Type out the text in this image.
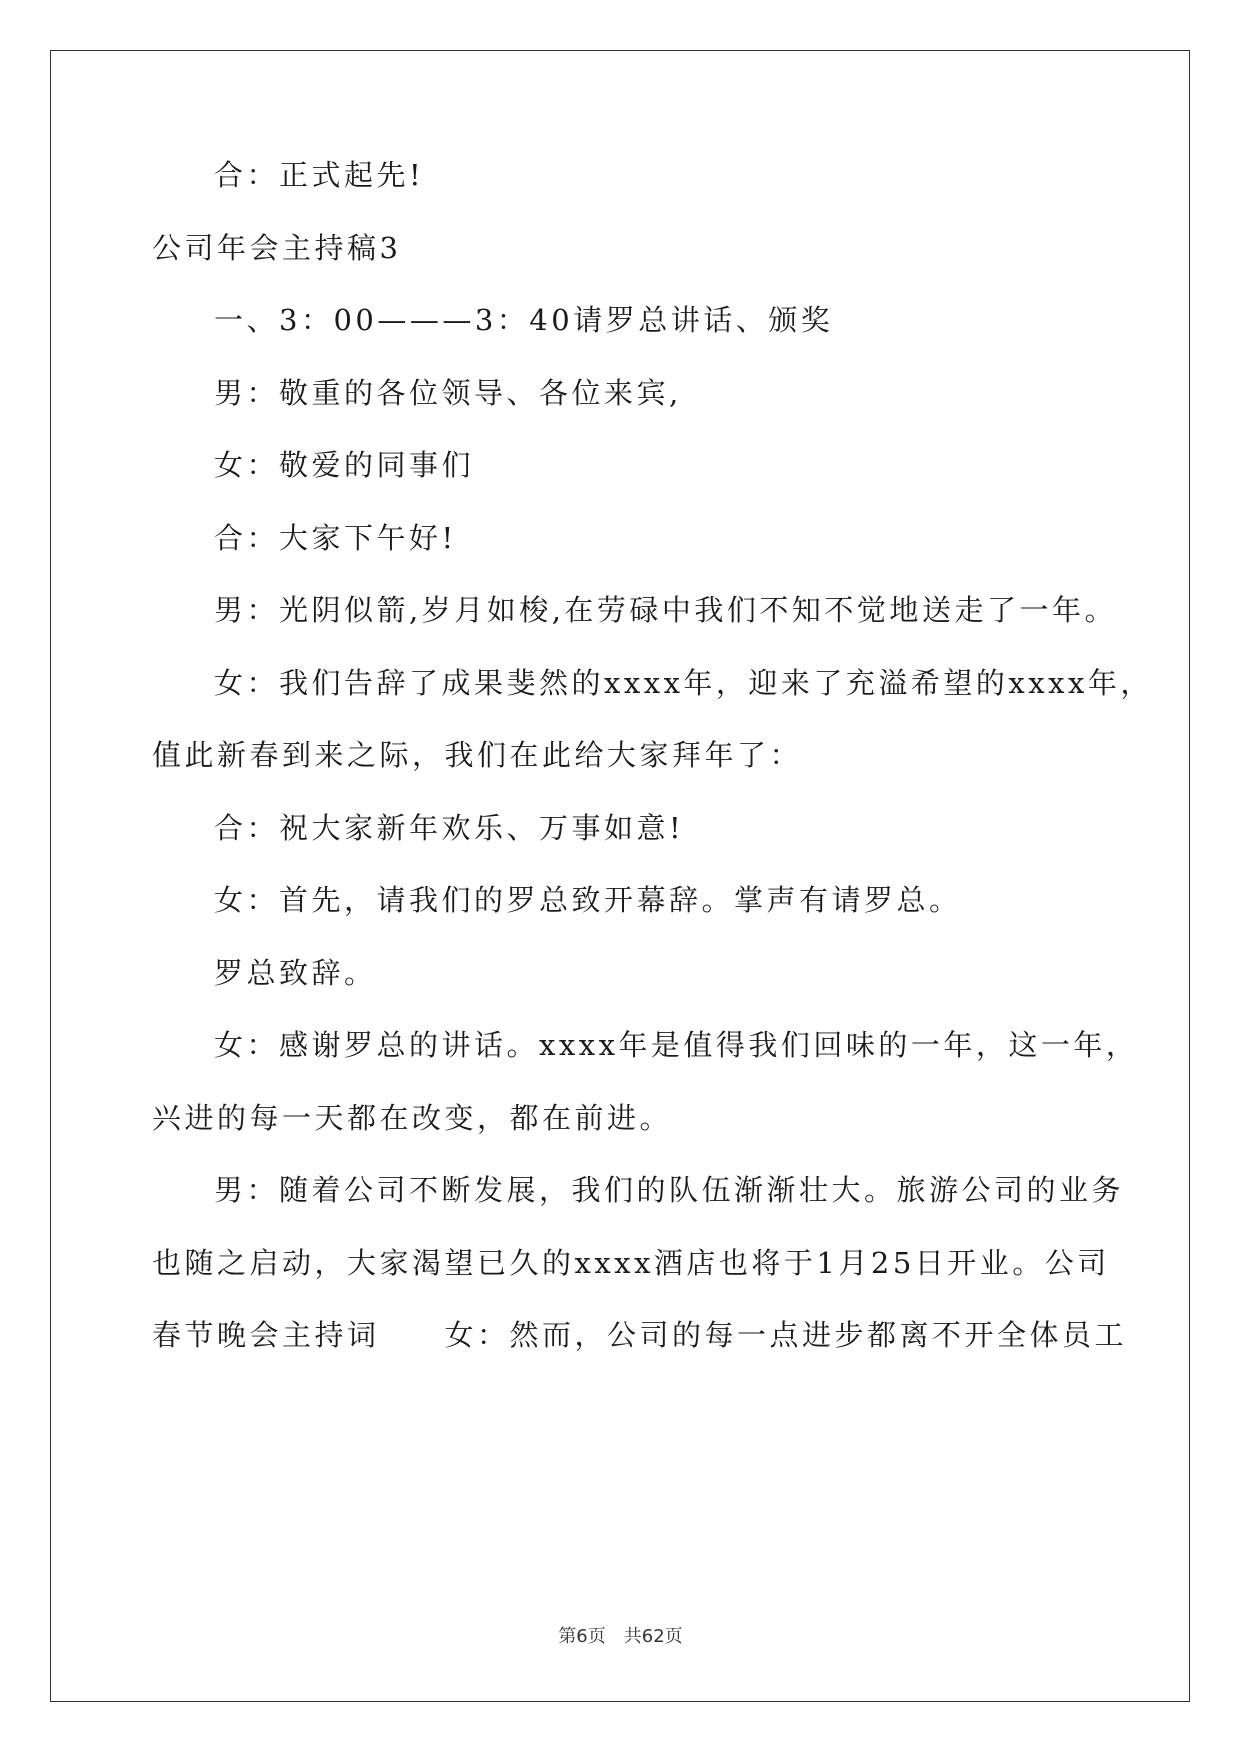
合：正式起先!
公司年会主持稿3
一、3：00———3：40请罗总讲话、颁奖
男：敬重的各位领导、各位来宾,
女：敬爱的同事们
合：大家下午好!
男：光阴似箭,岁月如梭,在劳碌中我们不知不觉地送走了一年。
女：我们告辞了成果斐然的xxxx年，迎来了充溢希望的xxxx年，
值此新春到来之际，我们在此给大家拜年了：
合：祝大家新年欢乐、万事如意!
女：首先，请我们的罗总致开幕辞。掌声有请罗总。
罗总致辞。
女：感谢罗总的讲话。xxxx年是值得我们回味的一年，这一年，
兴进的每一天都在改变，都在前进。
男：随着公司不断发展，我们的队伍渐渐壮大。旅游公司的业务
也随之启动，大家渴望已久的xxxx酒店也将于1月25日开业。公司
春节晚会主持词　　女：然而，公司的每一点进步都离不开全体员工
第6页　共62页
